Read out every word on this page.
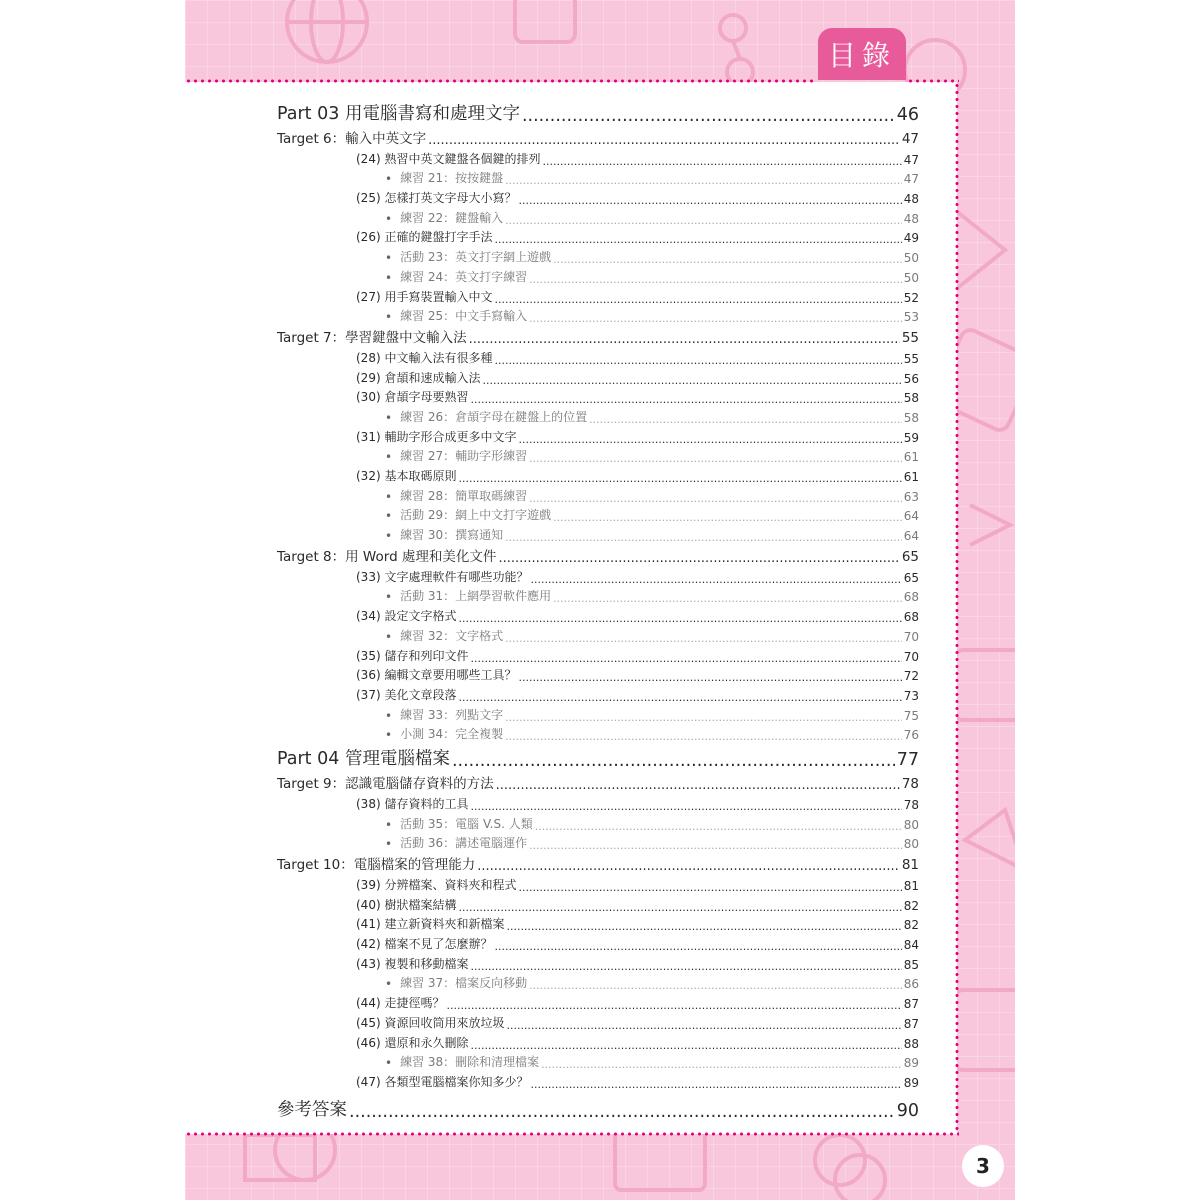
目錄
Part 03 用電腦書寫和處理文字 .....	46
Target 6：輸入中英文字 .....	47
(24) 熟習中英文鍵盤各個鍵的排列 .....	47
• 練習 21：按按鍵盤 .....	47
(25) 怎樣打英文字母大小寫？ .....	48
• 練習 22：鍵盤輸入 .....	48
(26) 正確的鍵盤打字手法 .....	49
• 活動 23：英文打字網上遊戲 .....	50
• 練習 24：英文打字練習 .....	50
(27) 用手寫裝置輸入中文 .....	52
• 練習 25：中文手寫輸入 .....	53
Target 7：學習鍵盤中文輸入法 .....	55
(28) 中文輸入法有很多種 .....	55
(29) 倉頡和速成輸入法 .....	56
(30) 倉頡字母要熟習 .....	58
• 練習 26：倉頡字母在鍵盤上的位置 .....	58
(31) 輔助字形合成更多中文字 .....	59
• 練習 27：輔助字形練習 .....	61
(32) 基本取碼原則 .....	61
• 練習 28：簡單取碼練習 .....	63
• 活動 29：網上中文打字遊戲 .....	64
• 練習 30：撰寫通知 .....	64
Target 8：用 Word 處理和美化文件 .....	65
(33) 文字處理軟件有哪些功能？ .....	65
• 活動 31：上網學習軟件應用 .....	68
(34) 設定文字格式 .....	68
• 練習 32：文字格式 .....	70
(35) 儲存和列印文件 .....	70
(36) 編輯文章要用哪些工具？ .....	72
(37) 美化文章段落 .....	73
• 練習 33：列點文字 .....	75
• 小測 34：完全複製 .....	76
Part 04 管理電腦檔案 .....	77
Target 9：認識電腦儲存資料的方法 .....	78
(38) 儲存資料的工具 .....	78
• 活動 35：電腦 V.S. 人類 .....	80
• 活動 36：講述電腦運作 .....	80
Target 10：電腦檔案的管理能力 .....	81
(39) 分辨檔案、資料夾和程式 .....	81
(40) 樹狀檔案結構 .....	82
(41) 建立新資料夾和新檔案 .....	82
(42) 檔案不見了怎麼辦？ .....	84
(43) 複製和移動檔案 .....	85
• 練習 37：檔案反向移動 .....	86
(44) 走捷徑嗎？ .....	87
(45) 資源回收筒用來放垃圾 .....	87
(46) 還原和永久刪除 .....	88
• 練習 38：刪除和清理檔案 .....	89
(47) 各類型電腦檔案你知多少？ .....	89
參考答案 .....	90
3
